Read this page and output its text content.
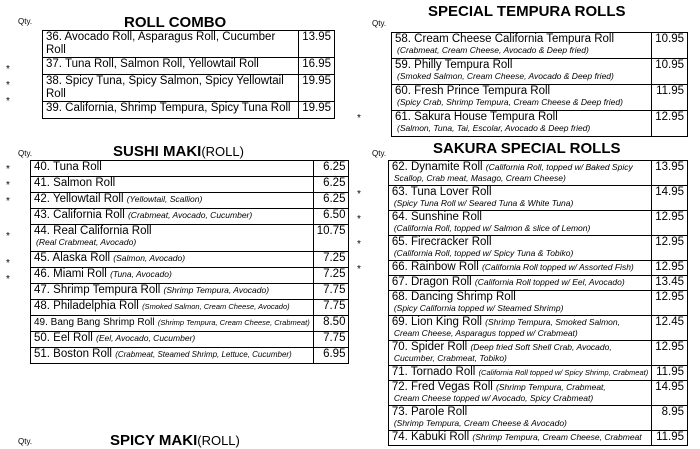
Qty.	ROLL COMBO
	36. Avocado Roll, Asparagus Roll, Cucumber Roll	13.95
	37. Tuna Roll, Salmon Roll, Yellowtail Roll	16.95
	38. Spicy Tuna, Spicy Salmon, Spicy Yellowtail Roll	19.95
	39. California, Shrimp Tempura, Spicy Tuna Roll	19.95
*
*
*
Qty.	SUSHI MAKI(ROLL)
	40. Tuna Roll	6.25
	41. Salmon Roll	6.25
	42. Yellowtail Roll (Yellowtail, Scallion)	6.25
	43. California Roll (Crabmeat, Avocado, Cucumber)	6.50
	44. Real California Roll
(Real Crabmeat, Avocado)	10.75
	45. Alaska Roll (Salmon, Avocado)	7.25
	46. Miami Roll (Tuna, Avocado)	7.25
	47. Shrimp Tempura Roll (Shrimp Tempura, Avocado)	7.75
	48. Philadelphia Roll (Smoked Salmon, Cream Cheese, Avocado)	7.75
	49. Bang Bang Shrimp Roll (Shrimp Tempura, Cream Cheese, Crabmeat)	8.50
	50. Eel Roll (Eel, Avocado, Cucumber)	7.75
	51. Boston Roll (Crabmeat, Steamed Shrimp, Lettuce, Cucumber)	6.95
*
*
*
*
*
*
Qty.	SPICY MAKI(ROLL)
SPECIAL TEMPURA ROLLS
Qty.
	58. Cream Cheese California Tempura Roll
(Crabmeat, Cream Cheese, Avocado & Deep fried)	10.95
	59. Philly Tempura Roll
(Smoked Salmon, Cream Cheese, Avocado & Deep fried)	10.95
	60. Fresh Prince Tempura Roll
(Spicy Crab, Shrimp Tempura, Cream Cheese & Deep fried)	11.95
	61. Sakura House Tempura Roll
(Salmon, Tuna, Tai, Escolar, Avocado & Deep fried)	12.95
*
Qty.	SAKURA SPECIAL ROLLS
	62. Dynamite Roll (California Roll, topped w/ Baked Spicy
Scallop, Crab meat, Masago, Cream Cheese)	13.95
	63. Tuna Lover Roll
(Spicy Tuna Roll w/ Seared Tuna & White Tuna)	14.95
	64. Sunshine Roll
(California Roll, topped w/ Salmon & slice of Lemon)	12.95
	65. Firecracker Roll
(California Roll, topped w/ Spicy Tuna & Tobiko)	12.95
	66. Rainbow Roll (California Roll topped w/ Assorted Fish)	12.95
	67. Dragon Roll (California Roll topped w/ Eel, Avocado)	13.45
	68. Dancing Shrimp Roll
(Spicy California topped w/ Steamed Shrimp)	12.95
	69. Lion King Roll (Shrimp Tempura, Smoked Salmon,
Cream Cheese, Asparagus topped w/ Crabmeat)	12.45
	70. Spider Roll (Deep fried Soft Shell Crab, Avocado,
Cucumber, Crabmeat, Tobiko)	12.95
	71. Tornado Roll (California Roll topped w/ Spicy Shrimp, Crabmeat)	11.95
	72. Fred Vegas Roll (Shrimp Tempura, Crabmeat,
Cream Cheese topped w/ Avocado, Spicy Crabmeat)	14.95
	73. Parole Roll
(Shrimp Tempura, Cream Cheese & Avocado)	8.95
	74. Kabuki Roll (Shrimp Tempura, Cream Cheese, Crabmeat	11.95
*
*
*
*
